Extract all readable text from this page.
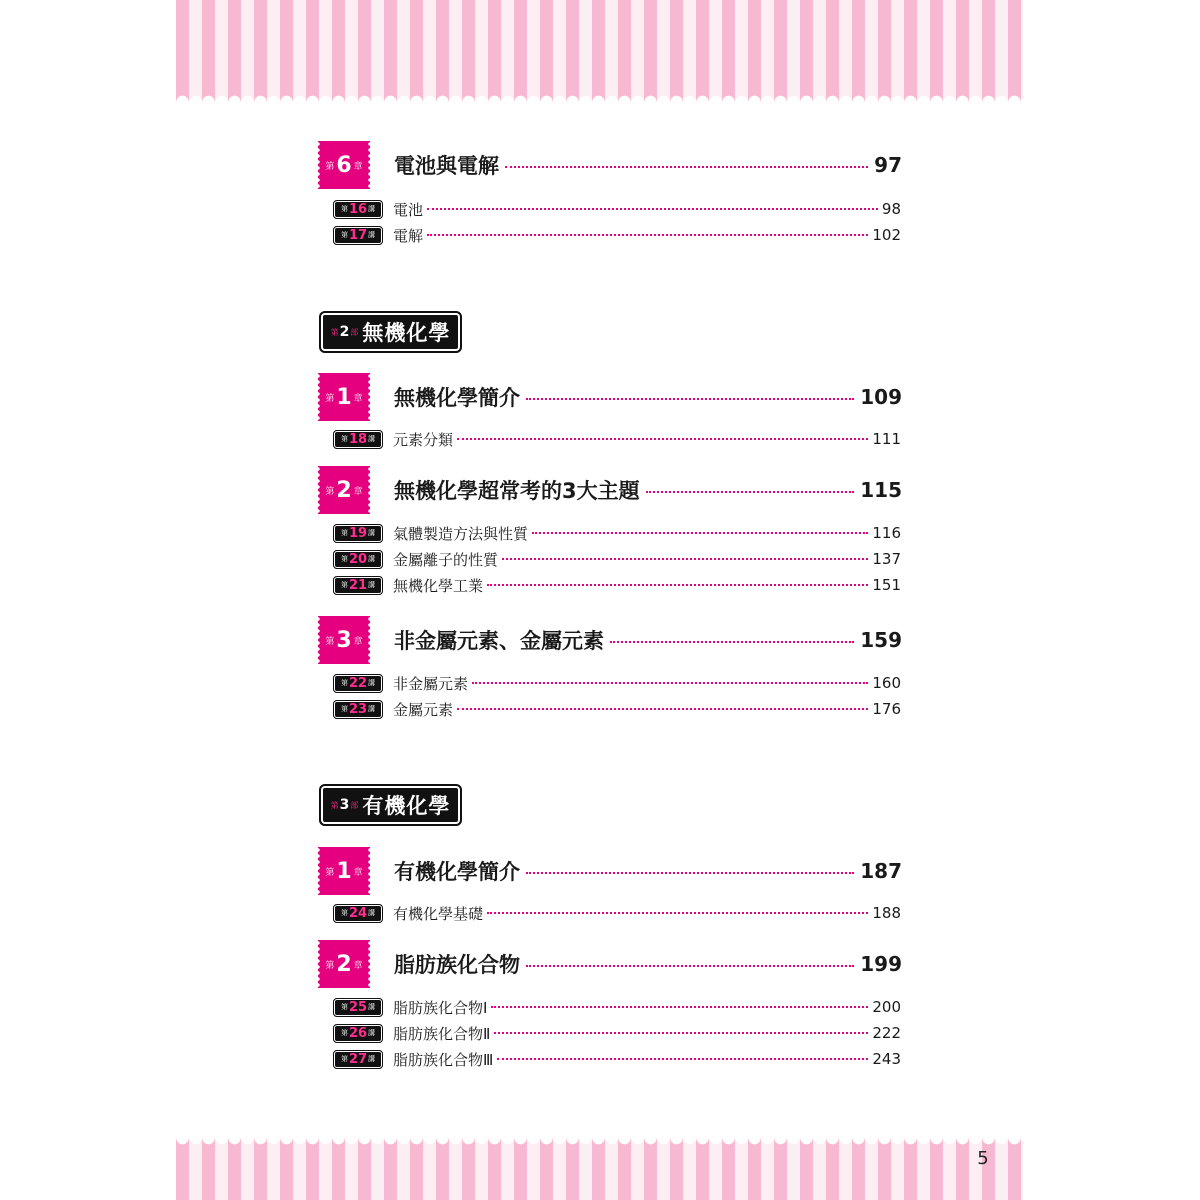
5
第 6 章 電池與電解	97
第 16 講 電池	98
第 17 講 電解	102
第 2 部 無機化學
第 1 章 無機化學簡介	109
第 18 講 元素分類	111
第 2 章 無機化學超常考的3大主題	115
第 19 講 氣體製造方法與性質	116
第 20 講 金屬離子的性質	137
第 21 講 無機化學工業	151
第 3 章 非金屬元素、金屬元素	159
第 22 講 非金屬元素	160
第 23 講 金屬元素	176
第 3 部 有機化學
第 1 章 有機化學簡介	187
第 24 講 有機化學基礎	188
第 2 章 脂肪族化合物	199
第 25 講 脂肪族化合物Ⅰ	200
第 26 講 脂肪族化合物Ⅱ	222
第 27 講 脂肪族化合物Ⅲ	243
